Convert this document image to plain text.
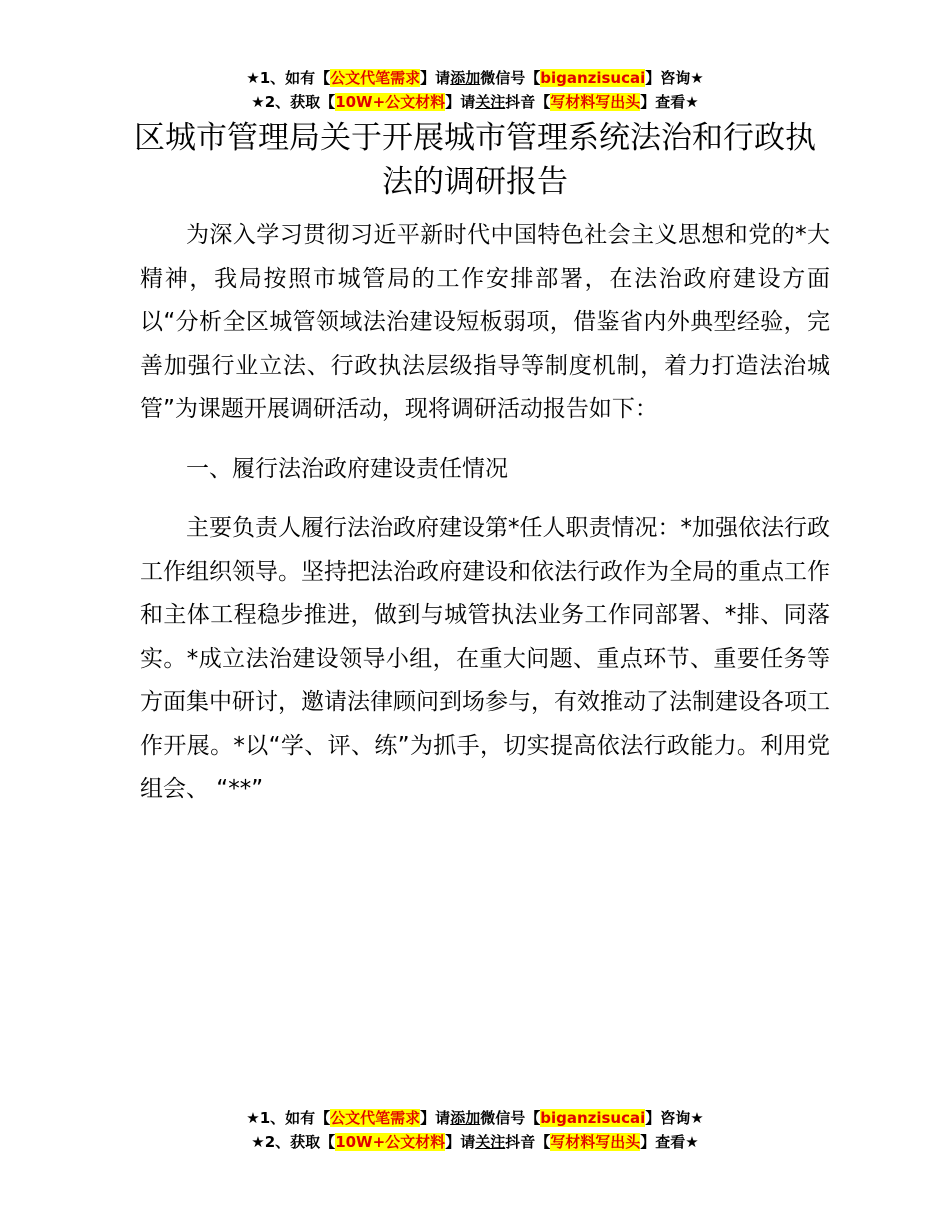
★1、如有【公文代笔需求】请添加微信号【biganzisucai】咨询★
★2、获取【10W+公文材料】请关注抖音【写材料写出头】查看★
区城市管理局关于开展城市管理系统法治和行政执法的调研报告

为深入学习贯彻习近平新时代中国特色社会主义思想和党的*大精神，我局按照市城管局的工作安排部署，在法治政府建设方面以“分析全区城管领域法治建设短板弱项，借鉴省内外典型经验，完善加强行业立法、行政执法层级指导等制度机制，着力打造法治城管”为课题开展调研活动，现将调研活动报告如下：

一、履行法治政府建设责任情况

主要负责人履行法治政府建设第*任人职责情况：*加强依法行政工作组织领导。坚持把法治政府建设和依法行政作为全局的重点工作和主体工程稳步推进，做到与城管执法业务工作同部署、*排、同落实。*成立法治建设领导小组，在重大问题、重点环节、重要任务等方面集中研讨，邀请法律顾问到场参与，有效推动了法制建设各项工作开展。*以“学、评、练”为抓手，切实提高依法行政能力。利用党组会、 “**”

★1、如有【公文代笔需求】请添加微信号【biganzisucai】咨询★
★2、获取【10W+公文材料】请关注抖音【写材料写出头】查看★
